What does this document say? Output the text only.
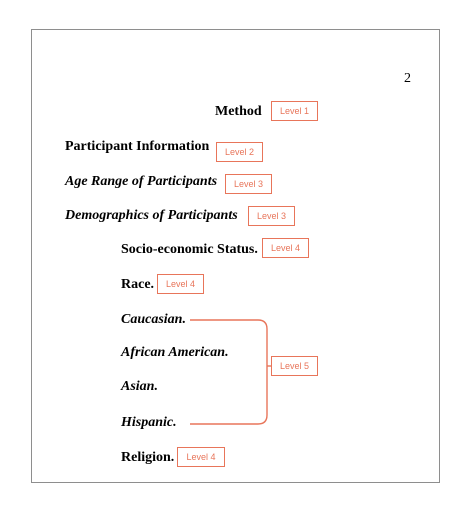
2
Method	Level 1
Participant Information	Level 2
Age Range of Participants	Level 3
Demographics of Participants	Level 3
Socio-economic Status.	Level 4
Race.	Level 4
Caucasian.
African American.
Asian.
Hispanic.
Level 5
Religion.	Level 4
